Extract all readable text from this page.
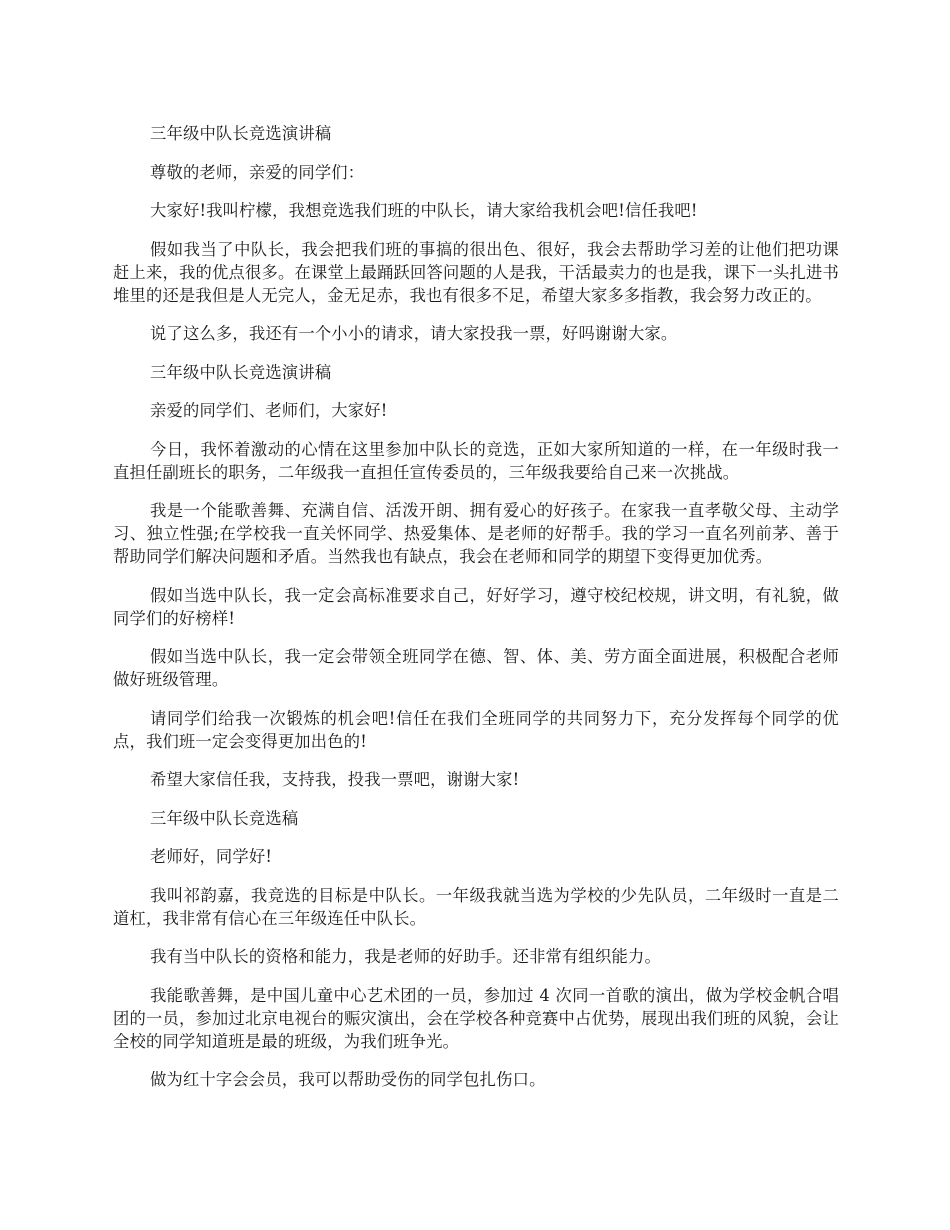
三年级中队长竞选演讲稿

尊敬的老师，亲爱的同学们：

大家好!我叫柠檬，我想竞选我们班的中队长，请大家给我机会吧!信任我吧!

假如我当了中队长，我会把我们班的事搞的很出色、很好，我会去帮助学习差的让他们把功课赶上来，我的优点很多。在课堂上最踊跃回答问题的人是我，干活最卖力的也是我，课下一头扎进书堆里的还是我但是人无完人，金无足赤，我也有很多不足，希望大家多多指教，我会努力改正的。

说了这么多，我还有一个小小的请求，请大家投我一票，好吗谢谢大家。

三年级中队长竞选演讲稿

亲爱的同学们、老师们，大家好!

今日，我怀着激动的心情在这里参加中队长的竞选，正如大家所知道的一样，在一年级时我一直担任副班长的职务，二年级我一直担任宣传委员的，三年级我要给自己来一次挑战。

我是一个能歌善舞、充满自信、活泼开朗、拥有爱心的好孩子。在家我一直孝敬父母、主动学习、独立性强;在学校我一直关怀同学、热爱集体、是老师的好帮手。我的学习一直名列前茅、善于帮助同学们解决问题和矛盾。当然我也有缺点，我会在老师和同学的期望下变得更加优秀。

假如当选中队长，我一定会高标准要求自己，好好学习，遵守校纪校规，讲文明，有礼貌，做同学们的好榜样!

假如当选中队长，我一定会带领全班同学在德、智、体、美、劳方面全面进展，积极配合老师做好班级管理。

请同学们给我一次锻炼的机会吧!信任在我们全班同学的共同努力下，充分发挥每个同学的优点，我们班一定会变得更加出色的!

希望大家信任我，支持我，投我一票吧，谢谢大家!

三年级中队长竞选稿

老师好，同学好!

我叫祁韵嘉，我竞选的目标是中队长。一年级我就当选为学校的少先队员，二年级时一直是二道杠，我非常有信心在三年级连任中队长。

我有当中队长的资格和能力，我是老师的好助手。还非常有组织能力。

我能歌善舞，是中国儿童中心艺术团的一员，参加过 4 次同一首歌的演出，做为学校金帆合唱团的一员，参加过北京电视台的赈灾演出，会在学校各种竞赛中占优势，展现出我们班的风貌，会让全校的同学知道班是最的班级，为我们班争光。

做为红十字会会员，我可以帮助受伤的同学包扎伤口。
